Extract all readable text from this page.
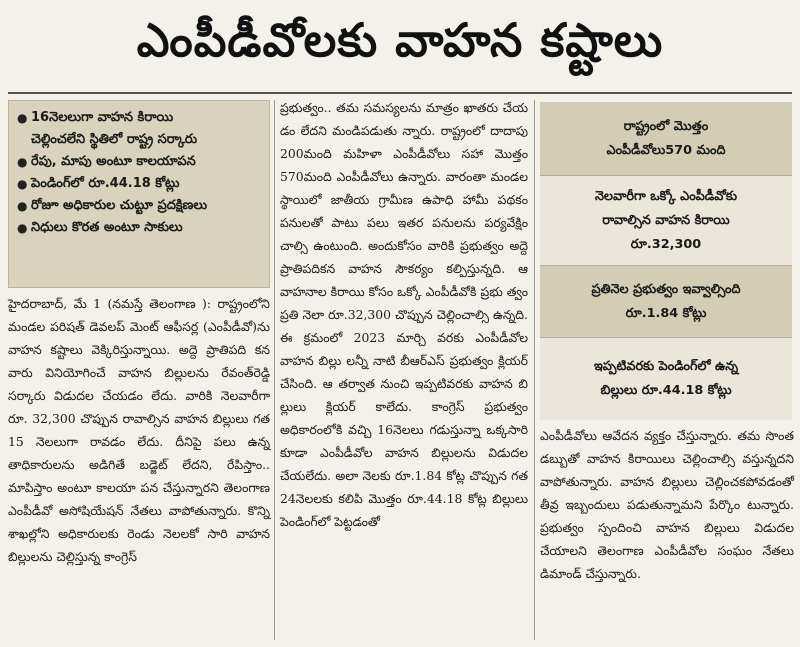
ఎంపీడీవోలకు వాహన కష్టాలు
● 16నెలలుగా వాహన కిరాయి
చెల్లించలేని స్థితిలో రాష్ట్ర సర్కారు
● రేపు, మాపు అంటూ కాలయాపన
● పెండింగ్‌లో రూ.44.18 కోట్లు
● రోజూ అధికారుల చుట్టూ ప్రదక్షిణలు
● నిధులు కొరత అంటూ సాకులు

హైదరాబాద్, మే 1 (నమస్తే తెలంగాణ ): రాష్ట్రంలోని మండల పరిషత్ డెవలప్ మెంట్ ఆఫీసర్ల (ఎంపీడీవో)ను వాహన కష్టాలు వెక్కిరిస్తున్నాయి. అద్దె ప్రాతిపది కన వారు వినియోగించే వాహన బిల్లులను రేవంత్‌రెడ్డి సర్కారు విడుదల చేయడం లేదు. వారికి నెలవారీగా రూ. 32,300 చొప్పున రావాల్సిన వాహన బిల్లులు గత 15 నెలలుగా రావడం లేదు. దీనిపై పలు ఉన్న తాధికారులను అడిగితే బడ్జెట్ లేదని, రేపిస్తాం.. మాపిస్తాం అంటూ కాలయా పన చేస్తున్నారని తెలంగాణ ఎంపీడీవో అసోషియేషన్ నేతలు వాపోతున్నారు. కొన్ని శాఖల్లోని అధికారులకు రెండు నెలలకో సారి వాహన బిల్లులను చెల్లిస్తున్న కాంగ్రెస్

ప్రభుత్వం.. తమ సమస్యలను మాత్రం ఖాతరు చేయ డం లేదని మండిపడుతు న్నారు. రాష్ట్రంలో దాదాపు 200మంది మహిళా ఎంపీడీవోలు సహా మొత్తం 570మంది ఎంపీడీవోలు ఉన్నారు. వారంతా మండల స్థాయిలో జాతీయ గ్రామీణ ఉపాధి హామీ పథకం పనులతో పాటు పలు ఇతర పనులను పర్యవేక్షిం చాల్సి ఉంటుంది. అందుకోసం వారికి ప్రభుత్వం అద్దె ప్రాతిపదికన వాహన సౌకర్యం కల్పిస్తున్నది. ఆ వాహనాల కిరాయి కోసం ఒక్కో ఎంపీడీవోకి ప్రభు త్వం ప్రతి నెలా రూ.32,300 చొప్పున చెల్లించాల్సి ఉన్నది. ఈ క్రమంలో 2023 మార్చి వరకు ఎంపీడీవోల వాహన బిల్లు లన్నీ నాటి బీఆర్ఎస్ ప్రభుత్వం క్లియర్ చేసింది. ఆ తర్వాత నుంచి ఇప్పటివరకు వాహన బి ల్లులు క్లియర్ కాలేదు. కాంగ్రెస్ ప్రభుత్వం అధికారంలోకి వచ్చి 16నెలలు గడుస్తున్నా ఒక్కసారి కూడా ఎంపీడీవోల వాహన బిల్లులను విడుదల చేయలేదు. అలా నెలకు రూ.1.84 కోట్ల చొప్పున గత 24నెలలకు కలిపి మొత్తం రూ.44.18 కోట్ల బిల్లులు పెండింగ్‌లో పెట్టడంతో

రాష్ట్రంలో మొత్తం
ఎంపీడీవోలు570 మంది
నెలవారీగా ఒక్కో ఎంపీడీవోకు
రావాల్సిన వాహన కిరాయి
రూ.32,300
ప్రతినెల ప్రభుత్వం ఇవ్వాల్సింది
రూ.1.84 కోట్లు
ఇప్పటివరకు పెండింగ్‌లో ఉన్న
బిల్లులు రూ.44.18 కోట్లు

ఎంపీడీవోలు ఆవేదన వ్యక్తం చేస్తున్నారు. తమ సొంత డబ్బుతో వాహన కిరాయిలు చెల్లించాల్సి వస్తున్నదని వాపోతున్నారు. వాహన బిల్లులు చెల్లించకపోవడంతో తీవ్ర ఇబ్బందులు పడుతున్నామని పేర్కొం టున్నారు. ప్రభుత్వం స్పందించి వాహన బిల్లులు విడుదల చేయాలని తెలంగాణ ఎంపీడీవోల సంఘం నేతలు డిమాండ్ చేస్తున్నారు.
